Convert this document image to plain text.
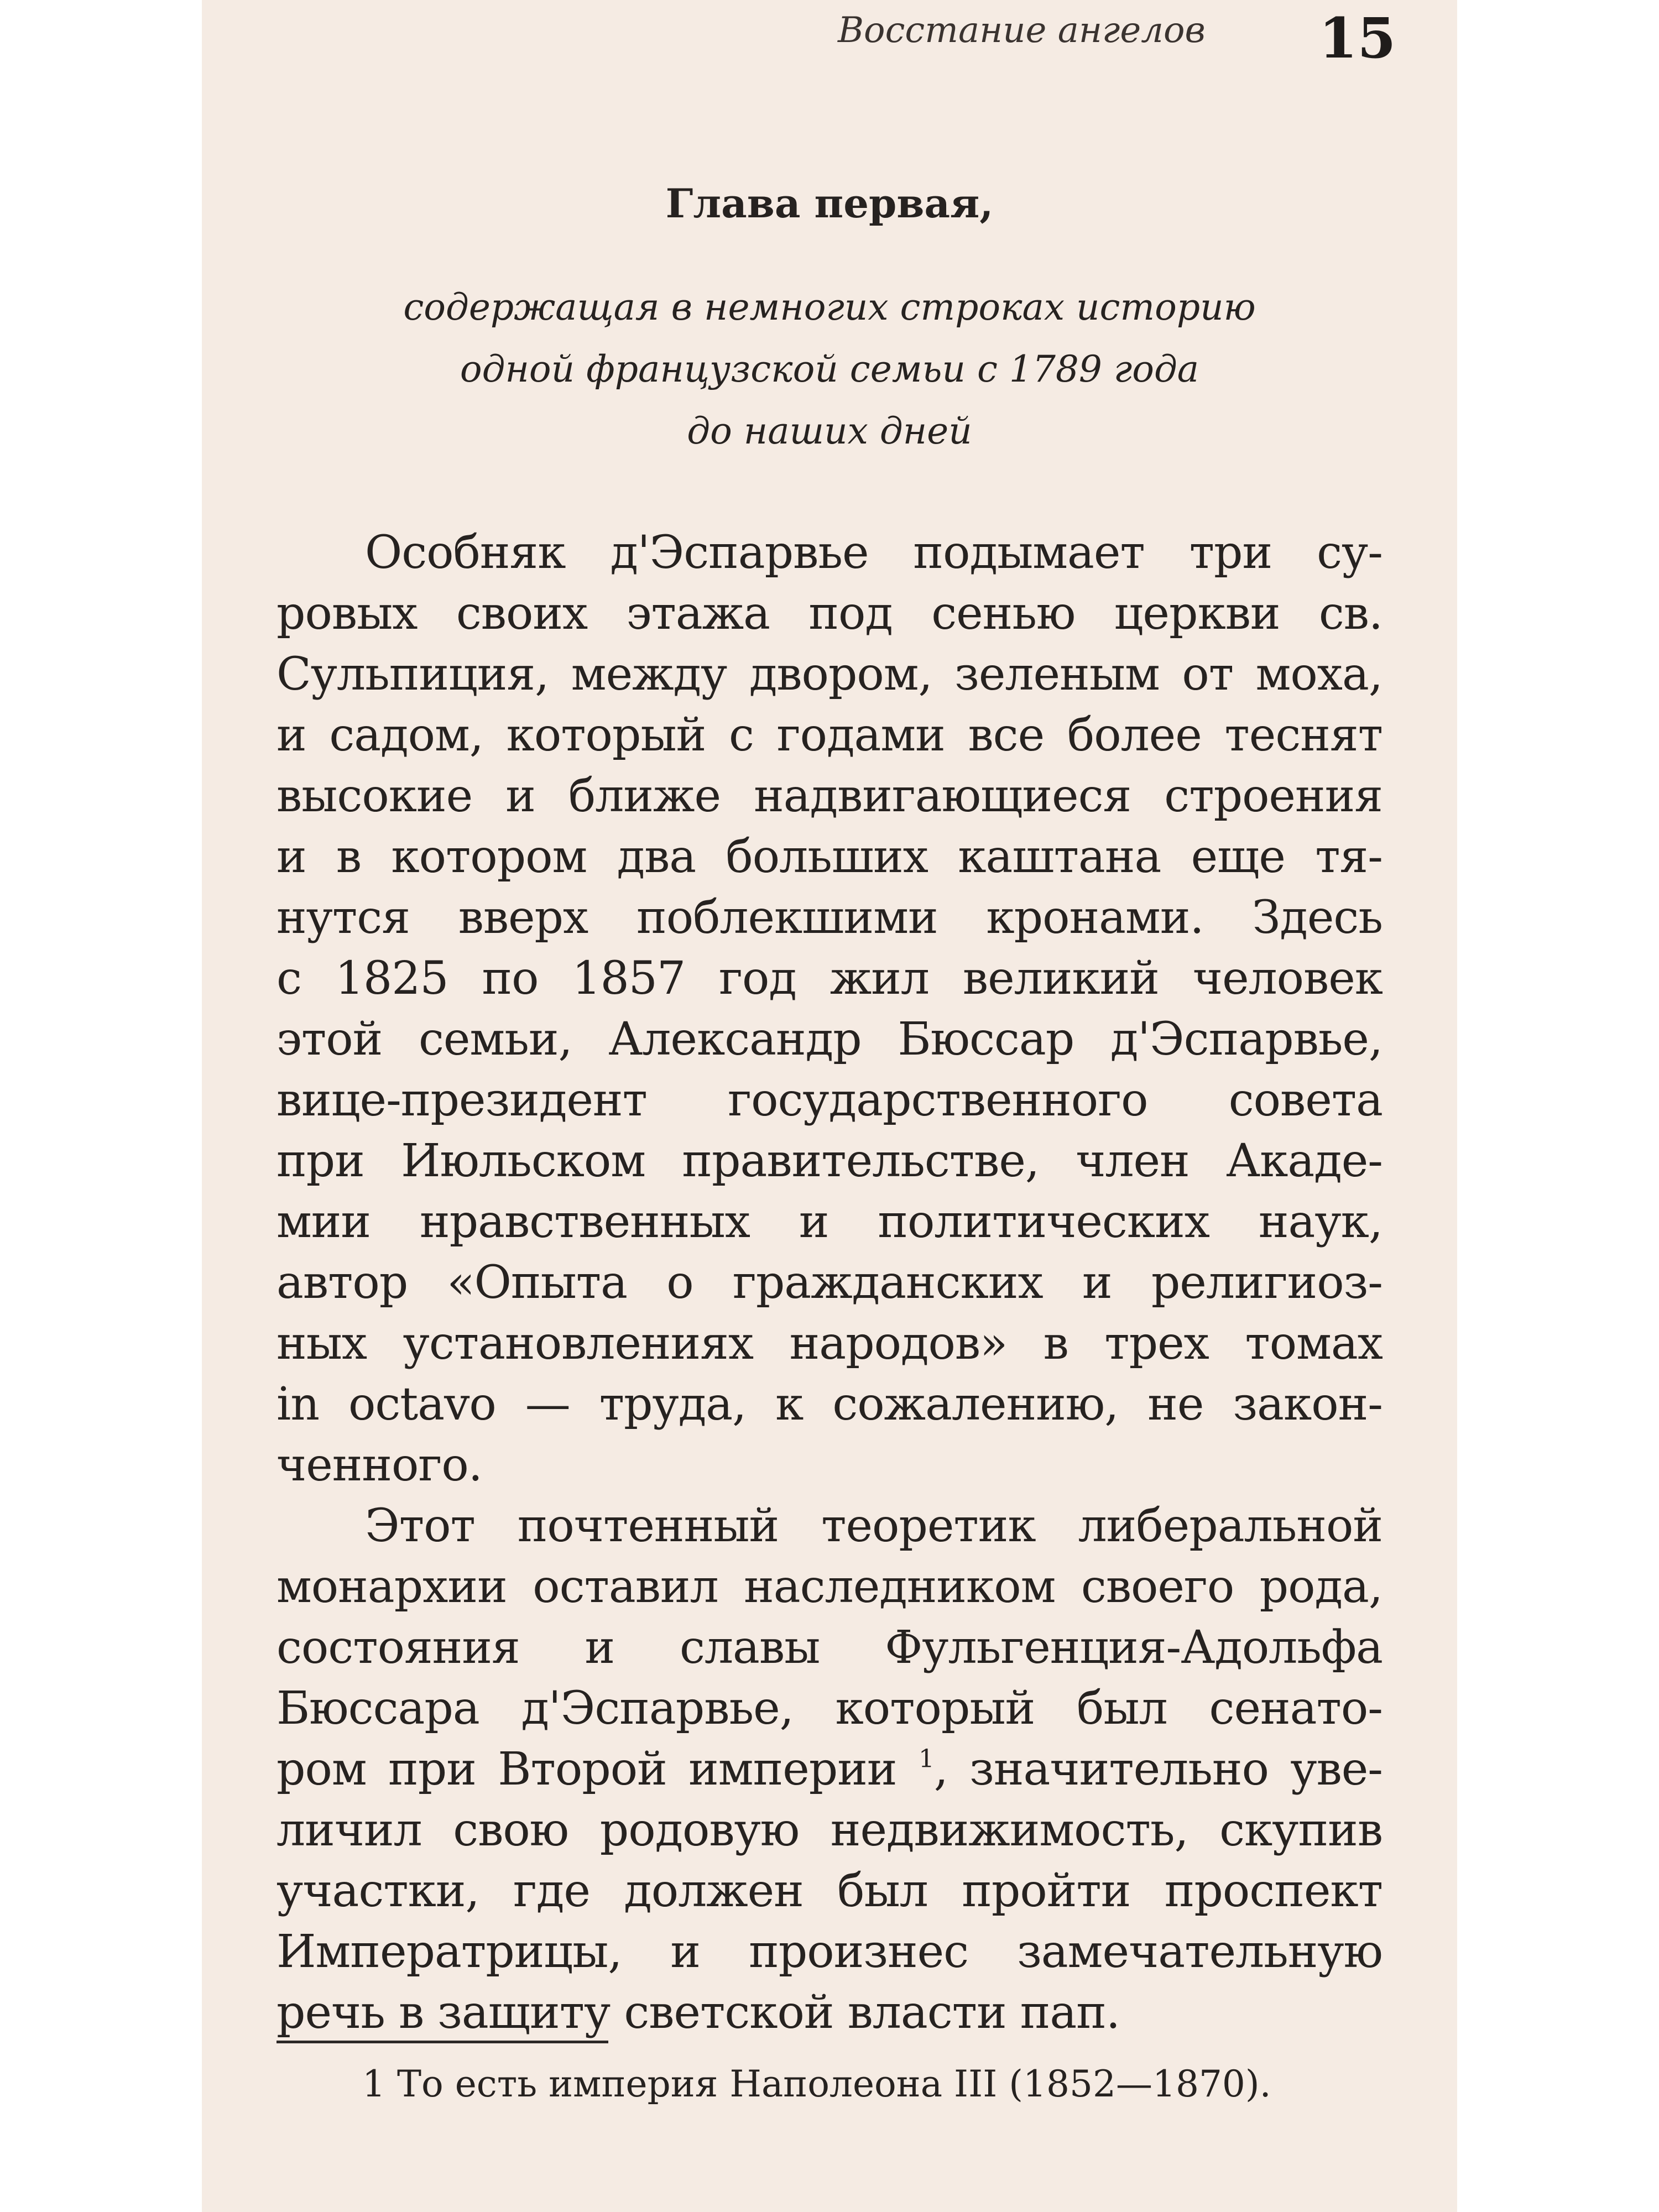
Восстание ангелов 15
Глава первая,
содержащая в немногих строках историю
одной французской семьи с 1789 года
до наших дней

Особняк д'Эспарвье подымает три су-
ровых своих этажа под сенью церкви св.
Сульпиция, между двором, зеленым от моха,
и садом, который с годами все более теснят
высокие и ближе надвигающиеся строения
и в котором два больших каштана еще тя-
нутся вверх поблекшими кронами. Здесь
с 1825 по 1857 год жил великий человек
этой семьи, Александр Бюссар д'Эспарвье,
вице-президент государственного совета
при Июльском правительстве, член Акаде-
мии нравственных и политических наук,
автор «Опыта о гражданских и религиоз-
ных установлениях народов» в трех томах
in octavo — труда, к сожалению, не закон-
ченного.

Этот почтенный теоретик либеральной
монархии оставил наследником своего рода,
состояния и славы Фульгенция-Адольфа
Бюссара д'Эспарвье, который был сенато-
ром при Второй империи $^1$, значительно уве-
личил свою родовую недвижимость, скупив
участки, где должен был пройти проспект
Императрицы, и произнес замечательную
речь в защиту светской власти пап.

1 То есть империя Наполеона III (1852—1870).
